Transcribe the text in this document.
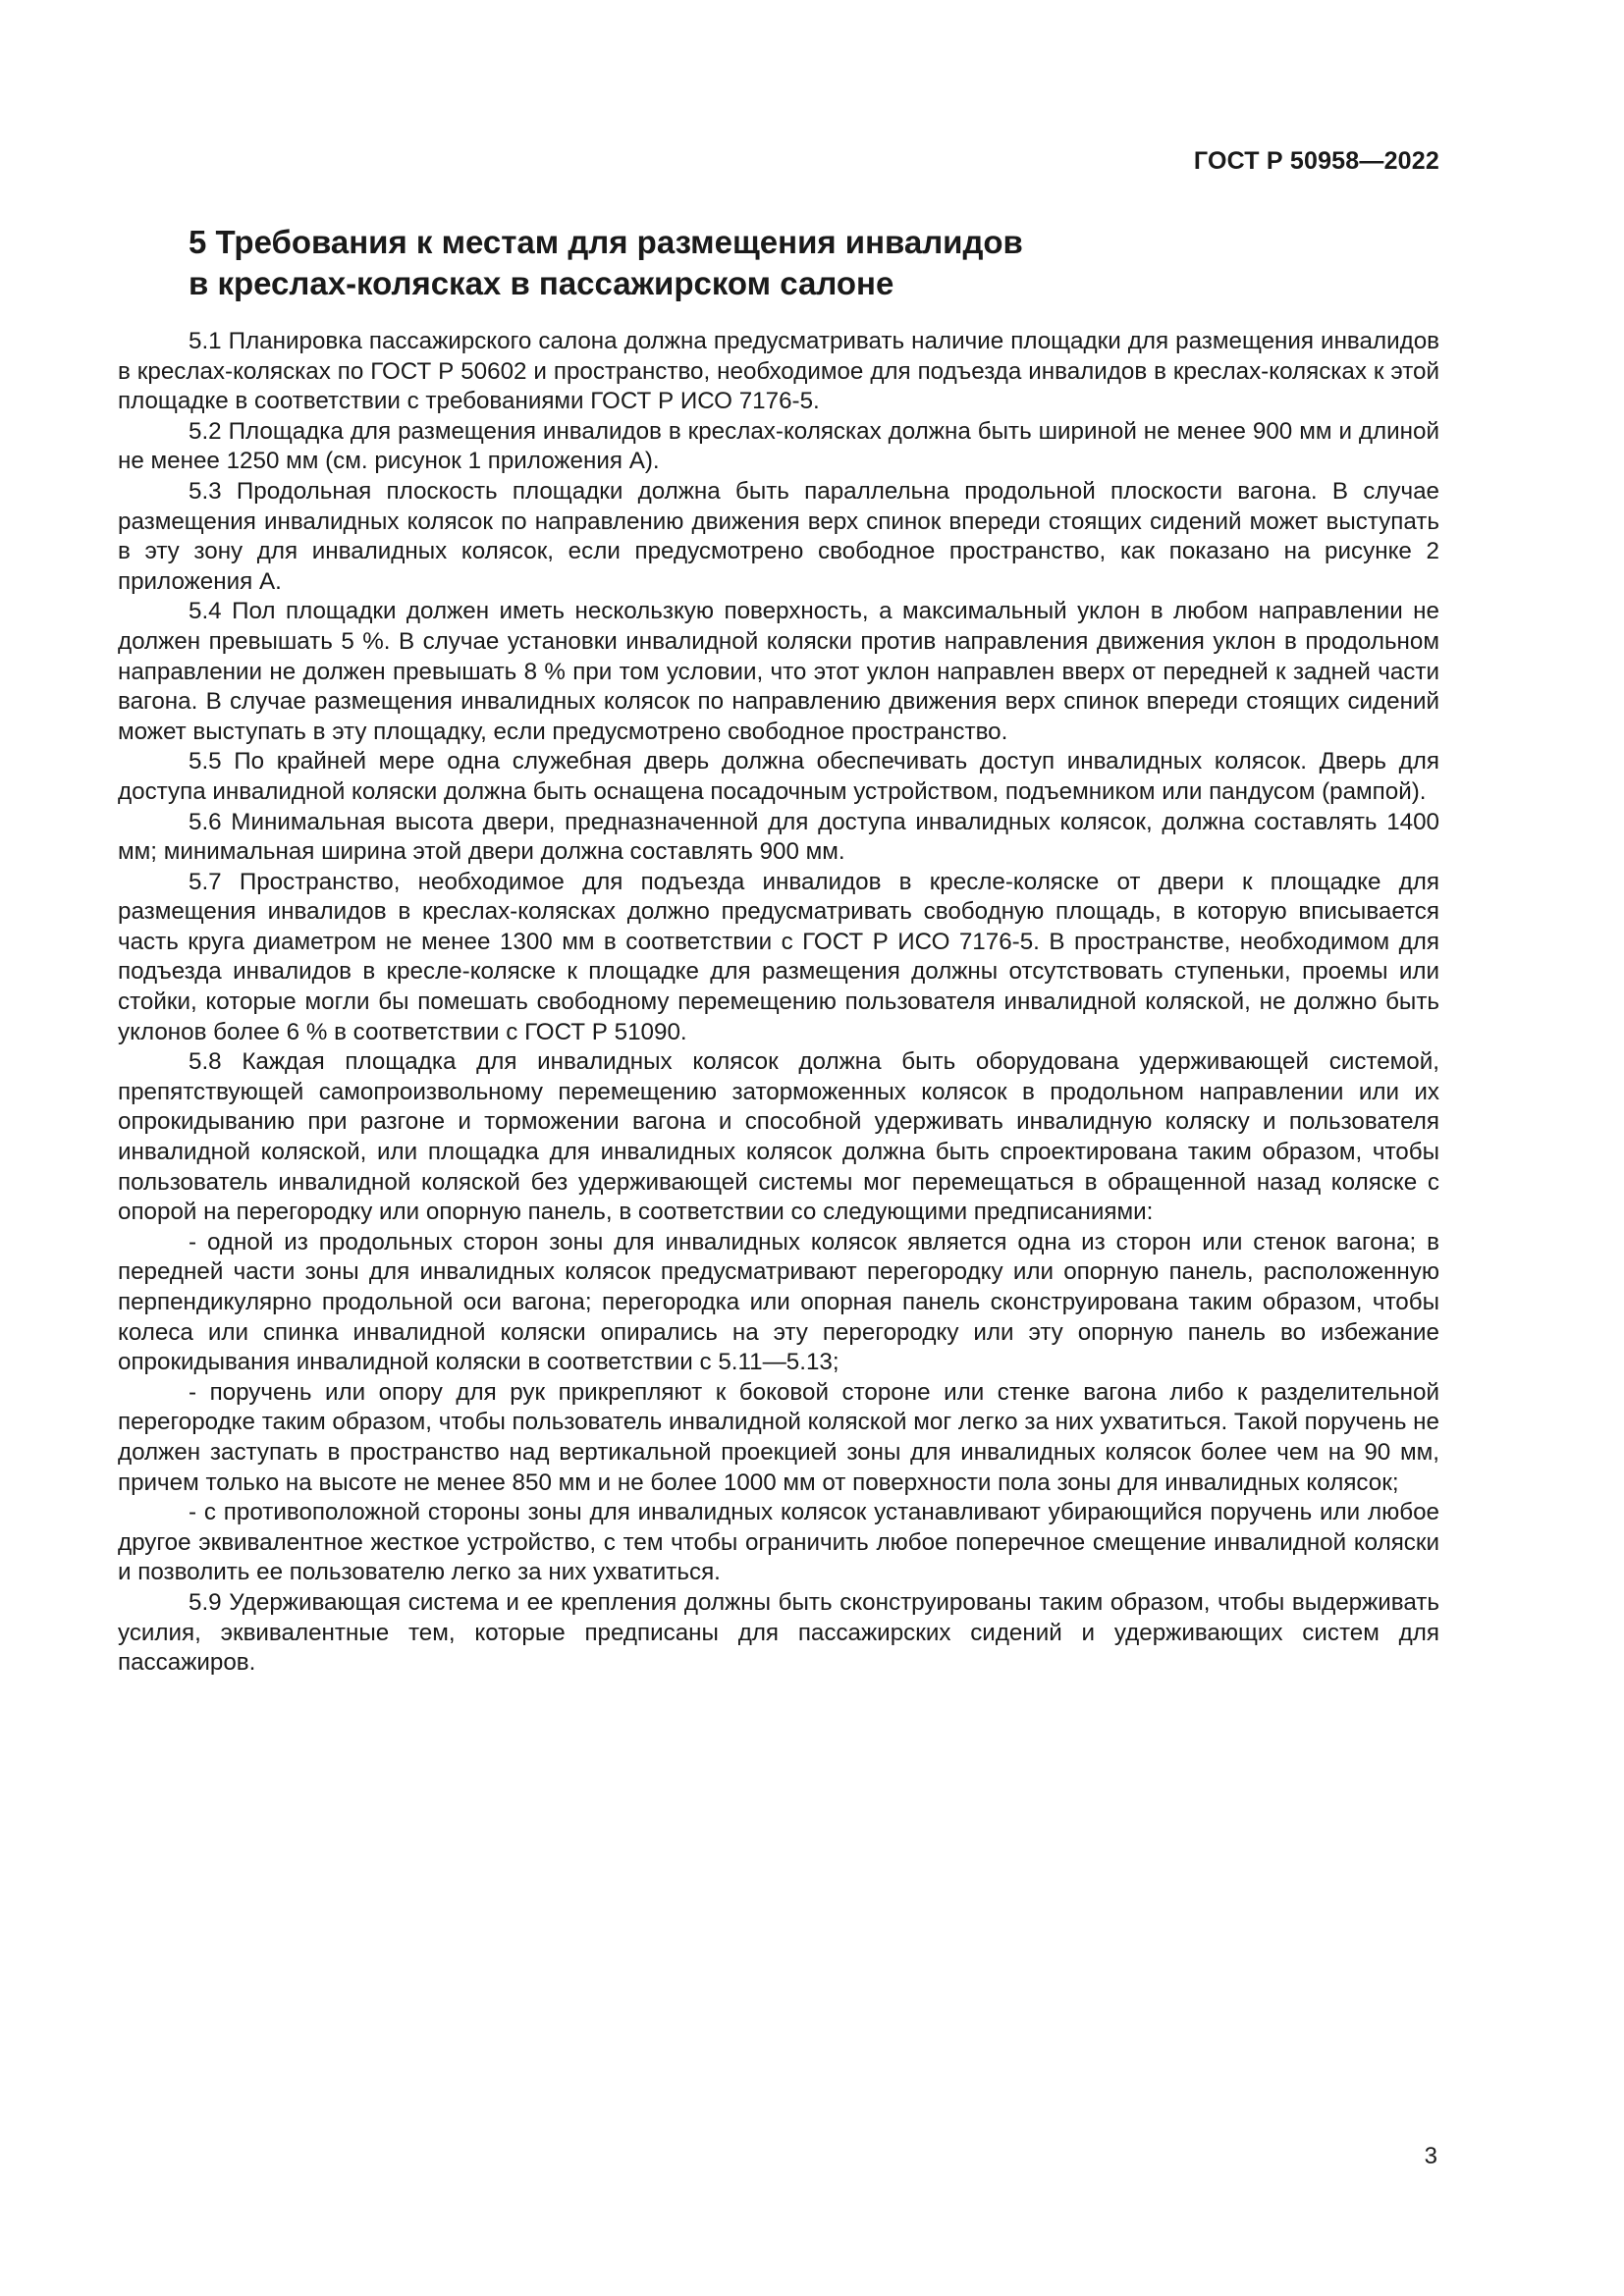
ГОСТ Р 50958—2022
5 Требования к местам для размещения инвалидов
в креслах-колясках в пассажирском салоне

5.1 Планировка пассажирского салона должна предусматривать наличие площадки для размещения инвалидов в креслах-колясках по ГОСТ Р 50602 и пространство, необходимое для подъезда инвалидов в креслах-колясках к этой площадке в соответствии с требованиями ГОСТ Р ИСО 7176-5.

5.2 Площадка для размещения инвалидов в креслах-колясках должна быть шириной не менее 900 мм и длиной не менее 1250 мм (см. рисунок 1 приложения А).

5.3 Продольная плоскость площадки должна быть параллельна продольной плоскости вагона. В случае размещения инвалидных колясок по направлению движения верх спинок впереди стоящих сидений может выступать в эту зону для инвалидных колясок, если предусмотрено свободное пространство, как показано на рисунке 2 приложения А.

5.4 Пол площадки должен иметь нескользкую поверхность, а максимальный уклон в любом направлении не должен превышать 5 %. В случае установки инвалидной коляски против направления движения уклон в продольном направлении не должен превышать 8 % при том условии, что этот уклон направлен вверх от передней к задней части вагона. В случае размещения инвалидных колясок по направлению движения верх спинок впереди стоящих сидений может выступать в эту площадку, если предусмотрено свободное пространство.

5.5 По крайней мере одна служебная дверь должна обеспечивать доступ инвалидных колясок. Дверь для доступа инвалидной коляски должна быть оснащена посадочным устройством, подъемником или пандусом (рампой).

5.6 Минимальная высота двери, предназначенной для доступа инвалидных колясок, должна составлять 1400 мм; минимальная ширина этой двери должна составлять 900 мм.

5.7 Пространство, необходимое для подъезда инвалидов в кресле-коляске от двери к площадке для размещения инвалидов в креслах-колясках должно предусматривать свободную площадь, в которую вписывается часть круга диаметром не менее 1300 мм в соответствии с ГОСТ Р ИСО 7176-5. В пространстве, необходимом для подъезда инвалидов в кресле-коляске к площадке для размещения должны отсутствовать ступеньки, проемы или стойки, которые могли бы помешать свободному перемещению пользователя инвалидной коляской, не должно быть уклонов более 6 % в соответствии с ГОСТ Р 51090.

5.8 Каждая площадка для инвалидных колясок должна быть оборудована удерживающей системой, препятствующей самопроизвольному перемещению заторможенных колясок в продольном направлении или их опрокидыванию при разгоне и торможении вагона и способной удерживать инвалидную коляску и пользователя инвалидной коляской, или площадка для инвалидных колясок должна быть спроектирована таким образом, чтобы пользователь инвалидной коляской без удерживающей системы мог перемещаться в обращенной назад коляске с опорой на перегородку или опорную панель, в соответствии со следующими предписаниями:

- одной из продольных сторон зоны для инвалидных колясок является одна из сторон или стенок вагона; в передней части зоны для инвалидных колясок предусматривают перегородку или опорную панель, расположенную перпендикулярно продольной оси вагона; перегородка или опорная панель сконструирована таким образом, чтобы колеса или спинка инвалидной коляски опирались на эту перегородку или эту опорную панель во избежание опрокидывания инвалидной коляски в соответствии с 5.11—5.13;

- поручень или опору для рук прикрепляют к боковой стороне или стенке вагона либо к разделительной перегородке таким образом, чтобы пользователь инвалидной коляской мог легко за них ухватиться. Такой поручень не должен заступать в пространство над вертикальной проекцией зоны для инвалидных колясок более чем на 90 мм, причем только на высоте не менее 850 мм и не более 1000 мм от поверхности пола зоны для инвалидных колясок;

- с противоположной стороны зоны для инвалидных колясок устанавливают убирающийся поручень или любое другое эквивалентное жесткое устройство, с тем чтобы ограничить любое поперечное смещение инвалидной коляски и позволить ее пользователю легко за них ухватиться.

5.9 Удерживающая система и ее крепления должны быть сконструированы таким образом, чтобы выдерживать усилия, эквивалентные тем, которые предписаны для пассажирских сидений и удерживающих систем для пассажиров.

3
